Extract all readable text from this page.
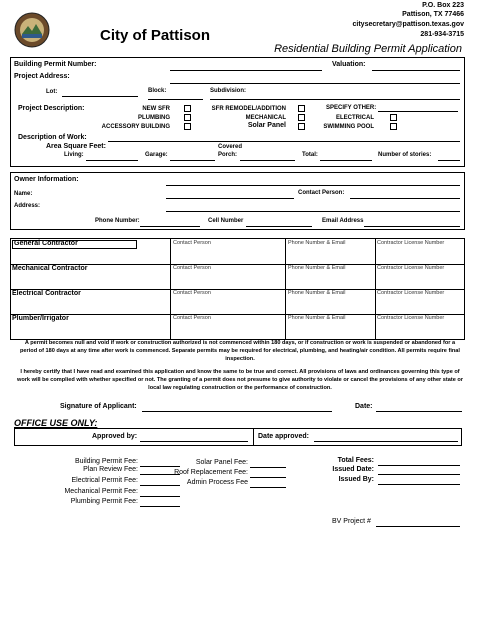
City of Pattison
P.O. Box 223
Pattison, TX 77466
citysecretary@pattison.texas.gov
281-934-3715
Residential Building Permit Application
Building Permit Number:	Valuation:
Project Address:
Lot:	Block:	Subdivision:
Project Description:	NEW SFR
PLUMBING
ACCESSORY BUILDING
SFR REMODEL/ADDITION
MECHANICAL
Solar Panel
SPECIFY OTHER:
ELECTRICAL
SWIMMING POOL
Description of Work:
Area Square Feet:
Living:	Garage:
Covered
Porch:	Total:	Number of stories:
Owner Information:
Name:	Contact Person:
Address:
Phone Number:	Cell Number	Email Address
General Contractor	Contact Person	Phone Number & Email	Contractor License Number
Mechanical Contractor	Contact Person	Phone Number & Email	Contractor License Number
Electrical Contractor	Contact Person	Phone Number & Email	Contractor License Number
Plumber/Irrigator	Contact Person	Phone Number & Email	Contractor License Number
A permit becomes null and void if work or construction authorized is not commenced within 180 days, or if construction or work is suspended or abandoned for a period of 180 days at any time after work is commenced. Separate permits may be required for electrical, plumbing, and heating/air condition. All permits require final inspection.
I hereby certify that I have read and examined this application and know the same to be true and correct. All provisions of laws and ordinances governing this type of work will be complied with whether specified or not. The granting of a permit does not presume to give authority to violate or cancel the provisions of any other state or local law regulating construction or the performance of construction.
Signature of Applicant:	Date:
OFFICE USE ONLY:
Approved by:	Date approved:
Building Permit Fee:
Plan Review Fee:
Electrical Permit Fee:
Mechanical Permit Fee:
Plumbing Permit Fee:
Solar Panel Fee:
Roof Replacement Fee:
Admin Process Fee
Total Fees:
Issued Date:
Issued By:
BV Project #
